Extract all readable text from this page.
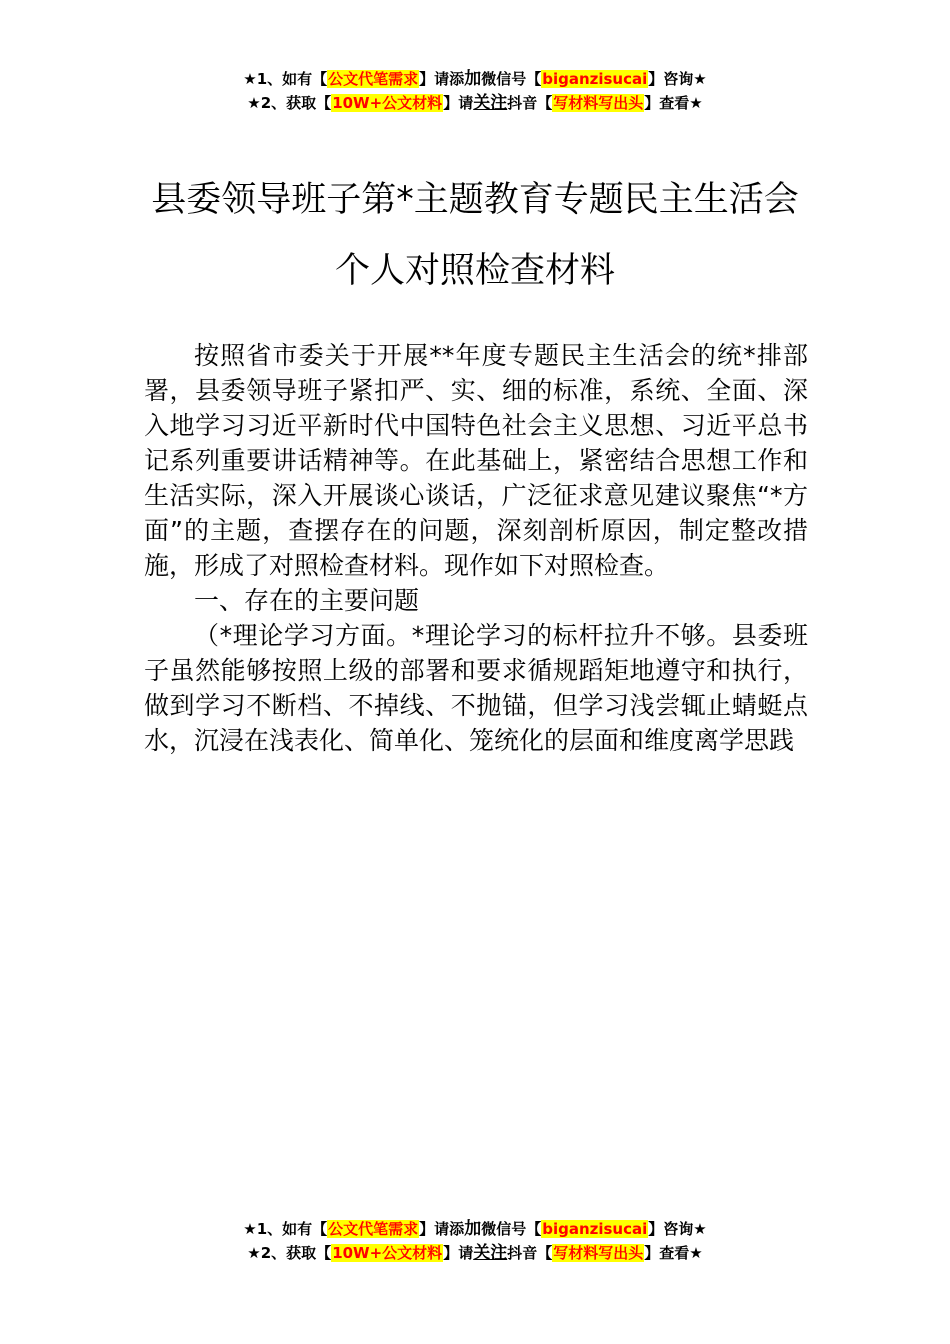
★1、如有【公文代笔需求】请添加微信号【biganzisucai】咨询★
★2、获取【10W+公文材料】请关注抖音【写材料写出头】查看★
县委领导班子第*主题教育专题民主生活会
个人对照检查材料

按照省市委关于开展**年度专题民主生活会的统*排部署，县委领导班子紧扣严、实、细的标准，系统、全面、深入地学习习近平新时代中国特色社会主义思想、习近平总书记系列重要讲话精神等。在此基础上，紧密结合思想工作和生活实际，深入开展谈心谈话，广泛征求意见建议聚焦“*方面”的主题，查摆存在的问题，深刻剖析原因，制定整改措施，形成了对照检查材料。现作如下对照检查。

一、存在的主要问题

（*理论学习方面。*理论学习的标杆拉升不够。县委班子虽然能够按照上级的部署和要求循规蹈矩地遵守和执行，做到学习不断档、不掉线、不抛锚，但学习浅尝辄止蜻蜓点水，沉浸在浅表化、简单化、笼统化的层面和维度离学思践

★1、如有【公文代笔需求】请添加微信号【biganzisucai】咨询★
★2、获取【10W+公文材料】请关注抖音【写材料写出头】查看★
